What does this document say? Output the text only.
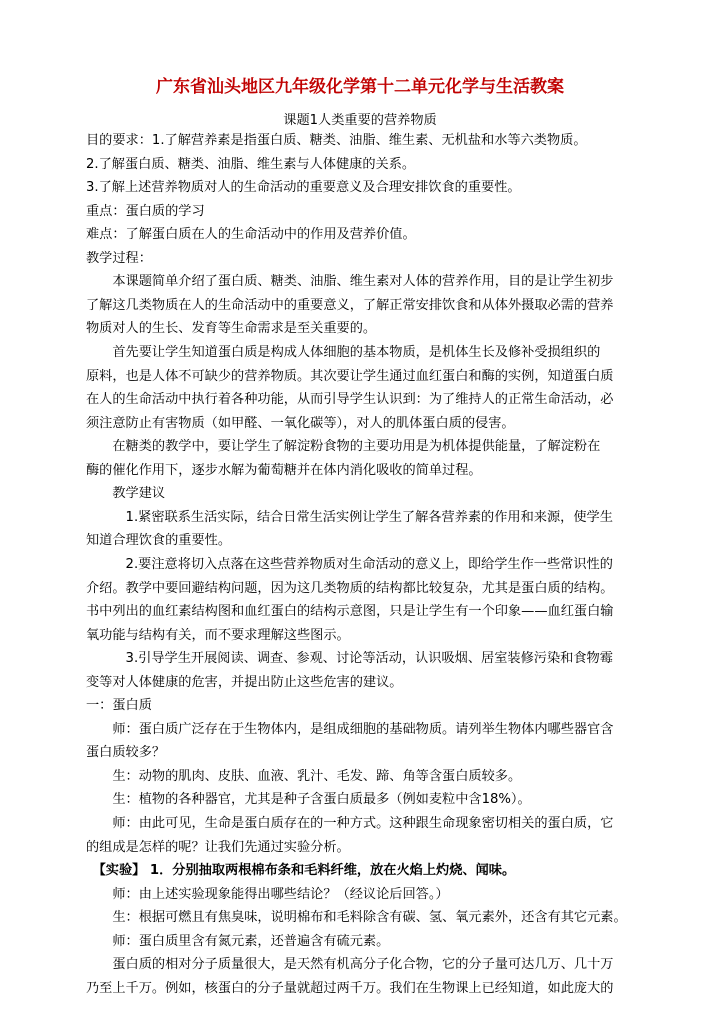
广东省汕头地区九年级化学第十二单元化学与生活教案
课题1人类重要的营养物质
目的要求：1.了解营养素是指蛋白质、糖类、油脂、维生素、无机盐和水等六类物质。
2.了解蛋白质、糖类、油脂、维生素与人体健康的关系。
3.了解上述营养物质对人的生命活动的重要意义及合理安排饮食的重要性。
重点：蛋白质的学习
难点：了解蛋白质在人的生命活动中的作用及营养价值。
教学过程：
　　本课题简单介绍了蛋白质、糖类、油脂、维生素对人体的营养作用，目的是让学生初步
了解这几类物质在人的生命活动中的重要意义，了解正常安排饮食和从体外摄取必需的营养
物质对人的生长、发育等生命需求是至关重要的。
　　首先要让学生知道蛋白质是构成人体细胞的基本物质，是机体生长及修补受损组织的
原料，也是人体不可缺少的营养物质。其次要让学生通过血红蛋白和酶的实例，知道蛋白质
在人的生命活动中执行着各种功能，从而引导学生认识到：为了维持人的正常生命活动，必
须注意防止有害物质（如甲醛、一氧化碳等），对人的肌体蛋白质的侵害。
　　在糖类的教学中，要让学生了解淀粉食物的主要功用是为机体提供能量，了解淀粉在
酶的催化作用下，逐步水解为葡萄糖并在体内消化吸收的简单过程。
　　教学建议
　　　1.紧密联系生活实际，结合日常生活实例让学生了解各营养素的作用和来源，使学生
知道合理饮食的重要性。
　　　2.要注意将切入点落在这些营养物质对生命活动的意义上，即给学生作一些常识性的
介绍。教学中要回避结构问题，因为这几类物质的结构都比较复杂，尤其是蛋白质的结构。
书中列出的血红素结构图和血红蛋白的结构示意图，只是让学生有一个印象——血红蛋白输
氧功能与结构有关，而不要求理解这些图示。
　　　3.引导学生开展阅读、调查、参观、讨论等活动，认识吸烟、居室装修污染和食物霉
变等对人体健康的危害，并提出防止这些危害的建议。
一：蛋白质
　　师：蛋白质广泛存在于生物体内，是组成细胞的基础物质。请列举生物体内哪些器官含
蛋白质较多？
　　生：动物的肌肉、皮肤、血液、乳汁、毛发、蹄、角等含蛋白质较多。
　　生：植物的各种器官，尤其是种子含蛋白质最多（例如麦粒中含18%）。
　　师：由此可见，生命是蛋白质存在的一种方式。这种跟生命现象密切相关的蛋白质，它
的组成是怎样的呢？让我们先通过实验分析。
　【实验】 1．分别抽取两根棉布条和毛料纤维，放在火焰上灼烧、闻味。
　　师：由上述实验现象能得出哪些结论？（经议论后回答。）
　　生：根据可燃且有焦臭味，说明棉布和毛料除含有碳、氢、氧元素外，还含有其它元素。
　　师：蛋白质里含有氮元素，还普遍含有硫元素。
　　蛋白质的相对分子质量很大，是天然有机高分子化合物，它的分子量可达几万、几十万
乃至上千万。例如，核蛋白的分子量就超过两千万。我们在生物课上已经知道，如此庞大的
